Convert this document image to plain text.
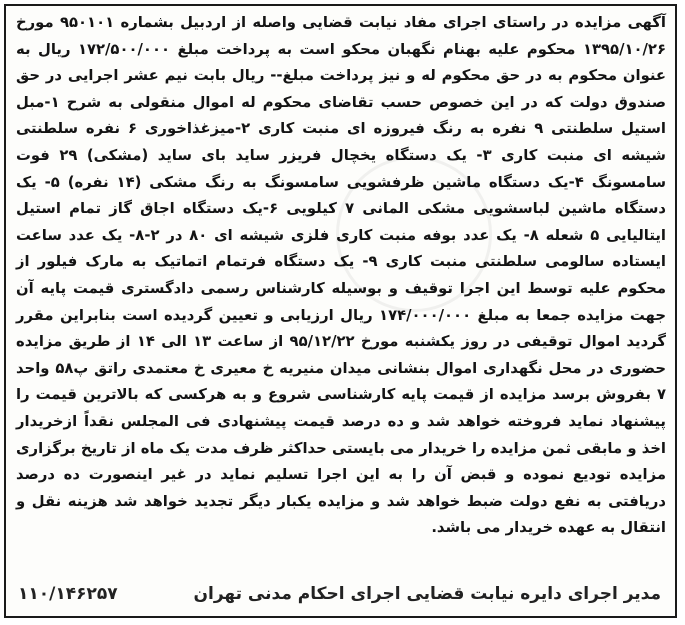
آگهی مزایده در راستای اجرای مفاد نیابت قضایی واصله از اردبیل بشماره ۹۵۰۱۰۱ مورخ ۱۳۹۵/۱۰/۲۶ محکوم علیه بهنام نگهبان محکو است به پرداخت مبلغ ۱۷۲/۵۰۰/۰۰۰ ریال به عنوان محکوم به در حق محکوم له و نیز پرداخت مبلغ-- ریال بابت نیم عشر اجرایی در حق صندوق دولت که در این خصوص حسب تقاضای محکوم له اموال منقولی به شرح ۱-مبل استیل سلطنتی ۹ نفره به رنگ فیروزه ای منبت کاری ۲-میزغذاخوری ۶ نفره سلطنتی شیشه ای منبت کاری ۳- یک دستگاه یخچال فریزر ساید بای ساید (مشکی) ۲۹ فوت سامسونگ ۴-یک دستگاه ماشین ظرفشویی سامسونگ به رنگ مشکی (۱۴ نفره) ۵- یک دستگاه ماشین لباسشویی مشکی المانی ۷ کیلویی ۶-یک دستگاه اجاق گاز تمام استیل ایتالیایی ۵ شعله ۸- یک عدد بوفه منبت کاری فلزی شیشه ای ۸۰ در ۲-۸- یک عدد ساعت ایستاده سالومی سلطنتی منبت کاری ۹- یک دستگاه فرتمام اتماتیک به مارک فیلور از محکوم علیه توسط این اجرا توقیف و بوسیله کارشناس رسمی دادگستری قیمت پایه آن جهت مزایده جمعا به مبلغ ۱۷۴/۰۰۰/۰۰۰ ریال ارزیابی و تعیین گردیده است بنابراین مقرر گردید اموال توقیفی در روز یکشنبه مورخ ۹۵/۱۲/۲۲ از ساعت ۱۳ الی ۱۴ از طریق مزایده حضوری در محل نگهداری اموال بنشانی میدان منیریه خ معیری خ معتمدی راتق پ۵۸ واحد ۷ بفروش برسد مزایده از قیمت پایه کارشناسی شروع و به هرکسی که بالاترین قیمت را پیشنهاد نماید فروخته خواهد شد و ده درصد قیمت پیشنهادی فی المجلس نقداً ازخریدار اخذ و مابقی ثمن مزایده را خریدار می بایستی حداکثر ظرف مدت یک ماه از تاریخ برگزاری مزایده تودیع نموده و قبض آن را به این اجرا تسلیم نماید در غیر اینصورت ده درصد دریافتی به نفع دولت ضبط خواهد شد و مزایده یکبار دیگر تجدید خواهد شد هزینه نقل و انتقال به عهده خریدار می باشد.

۱۱۰/۱۴۶۲۵۷	مدیر اجرای دایره نیابت قضایی اجرای احکام مدنی تهران
